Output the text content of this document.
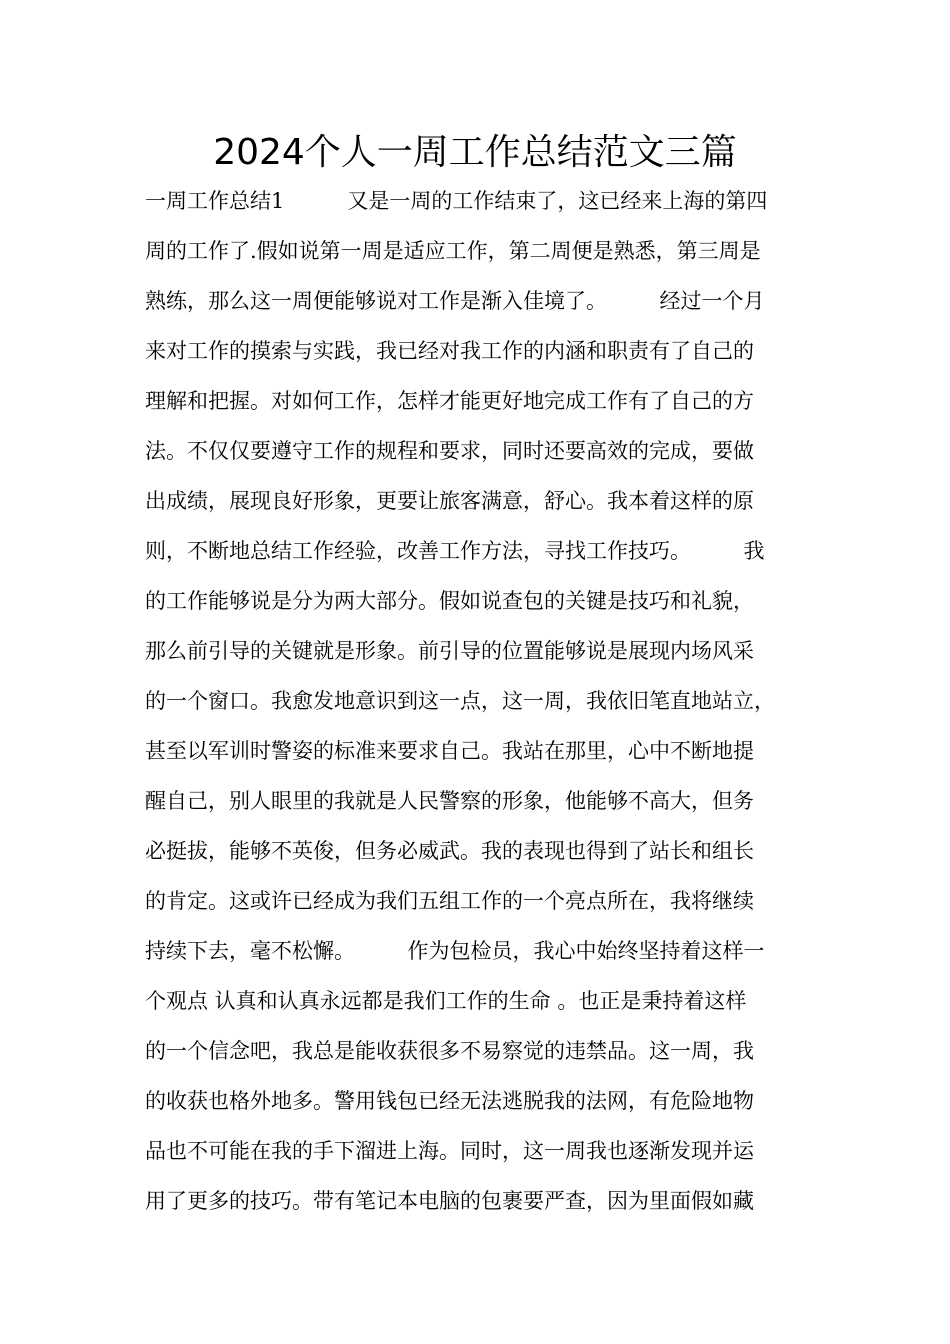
2024个人一周工作总结范文三篇
一周工作总结1　　　又是一周的工作结束了，这已经来上海的第四
周的工作了.假如说第一周是适应工作，第二周便是熟悉，第三周是
熟练，那么这一周便能够说对工作是渐入佳境了。　　　经过一个月
来对工作的摸索与实践，我已经对我工作的内涵和职责有了自己的
理解和把握。对如何工作，怎样才能更好地完成工作有了自己的方
法。不仅仅要遵守工作的规程和要求，同时还要高效的完成，要做
出成绩，展现良好形象，更要让旅客满意，舒心。我本着这样的原
则，不断地总结工作经验，改善工作方法，寻找工作技巧。　　　我
的工作能够说是分为两大部分。假如说查包的关键是技巧和礼貌，
那么前引导的关键就是形象。前引导的位置能够说是展现内场风采
的一个窗口。我愈发地意识到这一点，这一周，我依旧笔直地站立，
甚至以军训时警姿的标准来要求自己。我站在那里，心中不断地提
醒自己，别人眼里的我就是人民警察的形象，他能够不高大，但务
必挺拔，能够不英俊，但务必威武。我的表现也得到了站长和组长
的肯定。这或许已经成为我们五组工作的一个亮点所在，我将继续
持续下去，毫不松懈。　　　作为包检员，我心中始终坚持着这样一
个观点 认真和认真永远都是我们工作的生命 。也正是秉持着这样
的一个信念吧，我总是能收获很多不易察觉的违禁品。这一周，我
的收获也格外地多。警用钱包已经无法逃脱我的法网，有危险地物
品也不可能在我的手下溜进上海。同时，这一周我也逐渐发现并运
用了更多的技巧。带有笔记本电脑的包裹要严查，因为里面假如藏
